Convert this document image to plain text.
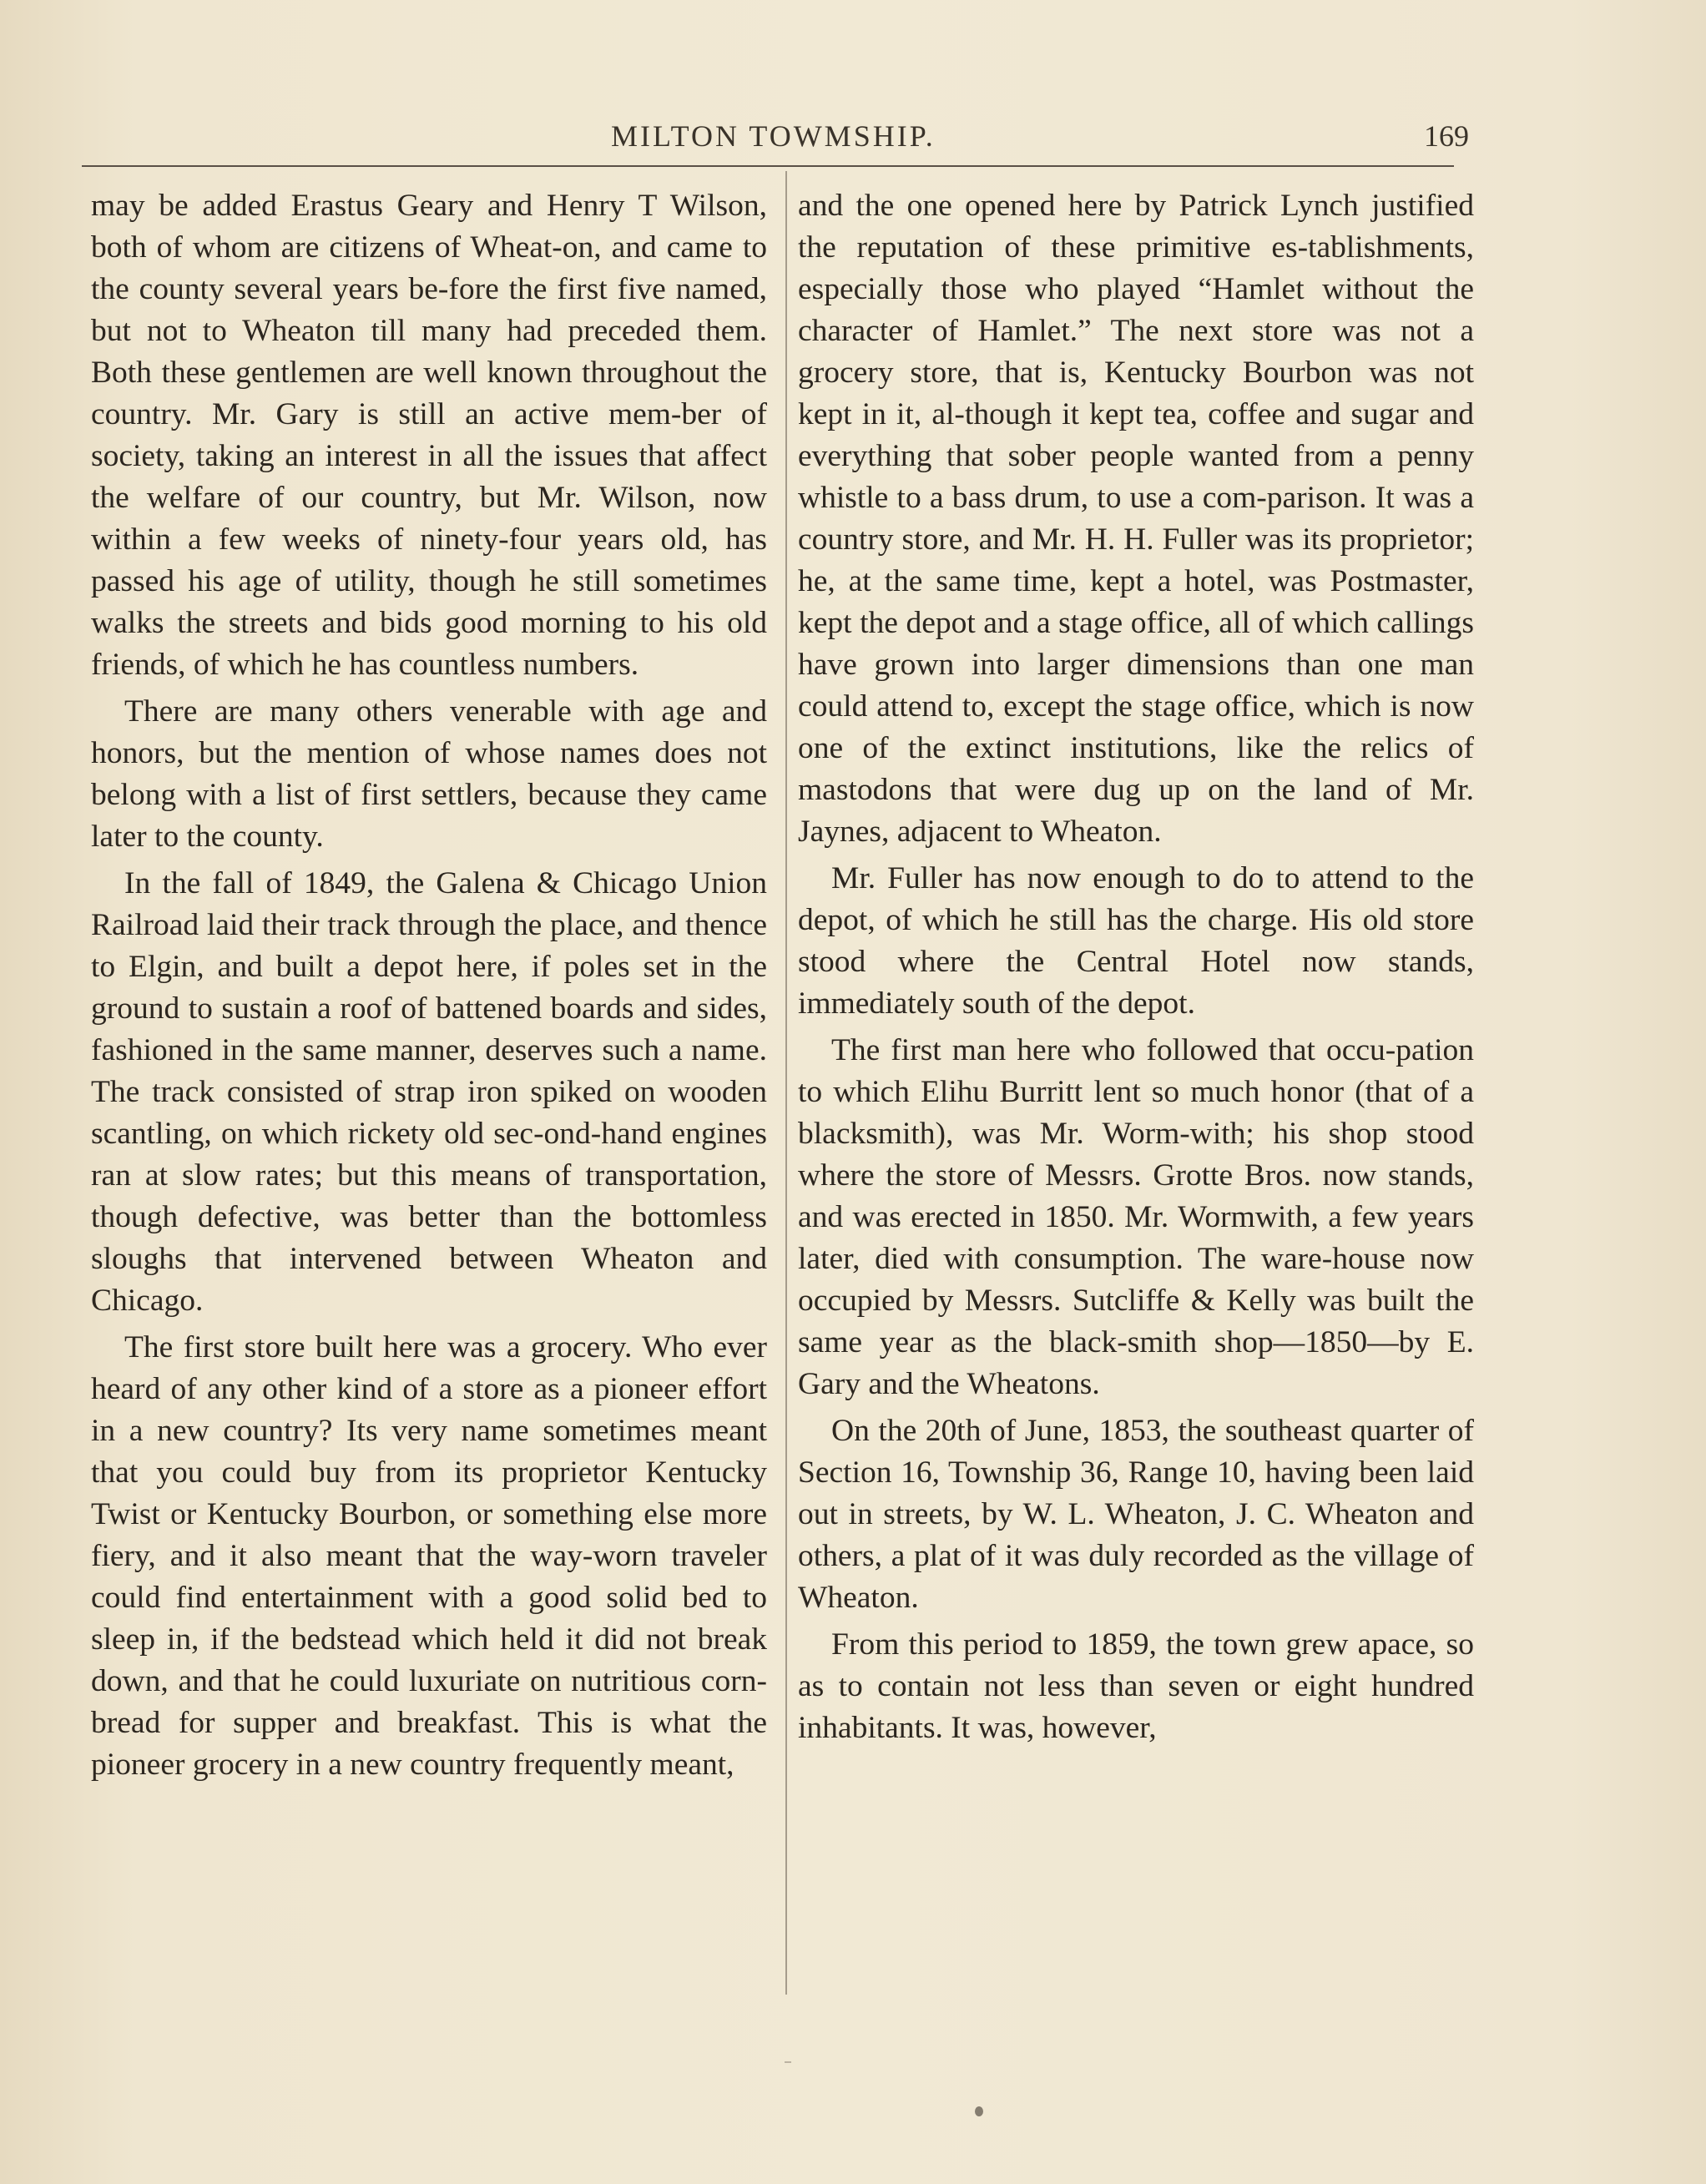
MILTON TOWMSHIP.	169

may be added Erastus Geary and Henry T Wilson, both of whom are citizens of Wheat-on, and came to the county several years be-fore the first five named, but not to Wheaton till many had preceded them. Both these gentlemen are well known throughout the country. Mr. Gary is still an active mem-ber of society, taking an interest in all the issues that affect the welfare of our country, but Mr. Wilson, now within a few weeks of ninety-four years old, has passed his age of utility, though he still sometimes walks the streets and bids good morning to his old friends, of which he has countless numbers.

There are many others venerable with age and honors, but the mention of whose names does not belong with a list of first settlers, because they came later to the county.

In the fall of 1849, the Galena & Chicago Union Railroad laid their track through the place, and thence to Elgin, and built a depot here, if poles set in the ground to sustain a roof of battened boards and sides, fashioned in the same manner, deserves such a name. The track consisted of strap iron spiked on wooden scantling, on which rickety old sec-ond-hand engines ran at slow rates; but this means of transportation, though defective, was better than the bottomless sloughs that intervened between Wheaton and Chicago.

The first store built here was a grocery. Who ever heard of any other kind of a store as a pioneer effort in a new country? Its very name sometimes meant that you could buy from its proprietor Kentucky Twist or Kentucky Bourbon, or something else more fiery, and it also meant that the way-worn traveler could find entertainment with a good solid bed to sleep in, if the bedstead which held it did not break down, and that he could luxuriate on nutritious corn-bread for supper and breakfast. This is what the pioneer grocery in a new country frequently meant,

and the one opened here by Patrick Lynch justified the reputation of these primitive es-tablishments, especially those who played “Hamlet without the character of Hamlet.” The next store was not a grocery store, that is, Kentucky Bourbon was not kept in it, al-though it kept tea, coffee and sugar and everything that sober people wanted from a penny whistle to a bass drum, to use a com-parison. It was a country store, and Mr. H. H. Fuller was its proprietor; he, at the same time, kept a hotel, was Postmaster, kept the depot and a stage office, all of which callings have grown into larger dimensions than one man could attend to, except the stage office, which is now one of the extinct institutions, like the relics of mastodons that were dug up on the land of Mr. Jaynes, adjacent to Wheaton.

Mr. Fuller has now enough to do to attend to the depot, of which he still has the charge. His old store stood where the Central Hotel now stands, immediately south of the depot.

The first man here who followed that occu-pation to which Elihu Burritt lent so much honor (that of a blacksmith), was Mr. Worm-with; his shop stood where the store of Messrs. Grotte Bros. now stands, and was erected in 1850. Mr. Wormwith, a few years later, died with consumption. The ware-house now occupied by Messrs. Sutcliffe & Kelly was built the same year as the black-smith shop—1850—by E. Gary and the Wheatons.

On the 20th of June, 1853, the southeast quarter of Section 16, Township 36, Range 10, having been laid out in streets, by W. L. Wheaton, J. C. Wheaton and others, a plat of it was duly recorded as the village of Wheaton.

From this period to 1859, the town grew apace, so as to contain not less than seven or eight hundred inhabitants. It was, however,
